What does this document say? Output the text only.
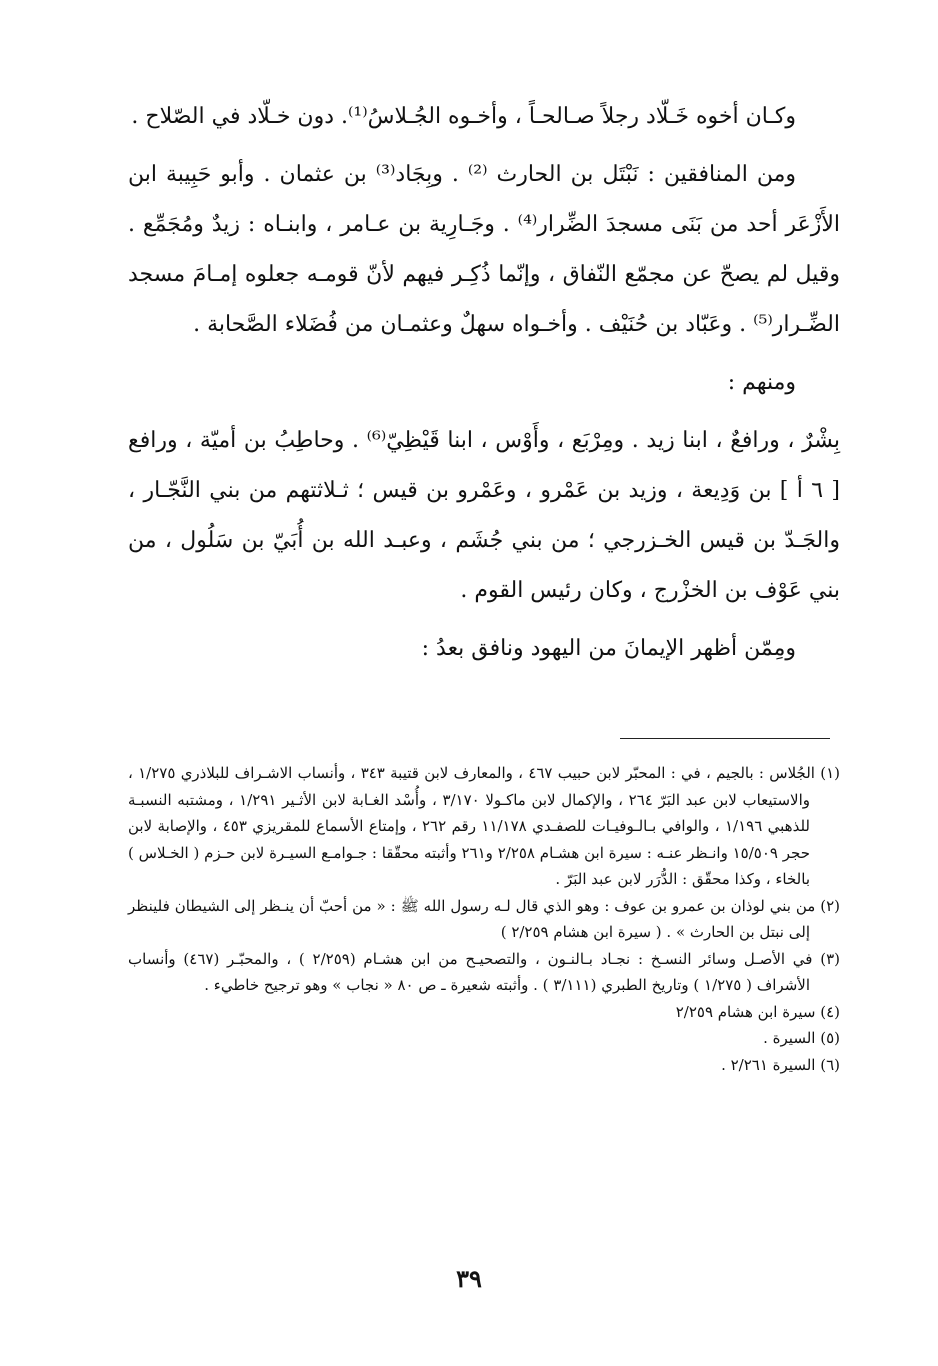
وكـان أخوه خَـلّاد رجلاً صـالحـاً ، وأخـوه الجُـلاسُ⁽¹⁾. دون خـلّاد في الصّلاح .

ومن المنافقين : نَبْتَل بن الحارث ⁽²⁾ . وبِجَاد⁽³⁾ بن عثمان . وأبو حَبِيبة ابن الأَزْعَر أحد من بَنَى مسجدَ الضِّرار⁽⁴⁾ . وجَـارِية بن عـامر ، وابنـاه : زيدٌ ومُجَمِّع . وقيل لم يصحّ عن مجمّع النّفاق ، وإنّما ذُكِـر فيهم لأنّ قومـه جعلوه إمـامَ مسجد الضِّـرار⁽⁵⁾ . وعَبّاد بن حُنَيْف . وأخـواه سهلٌ وعثمـان من فُضَلاء الصَّحابة .

ومنهم :

بِشْرٌ ، ورافعٌ ، ابنا زيد . ومِرْبَع ، وأَوْس ، ابنا قَيْظِيّ⁽⁶⁾ . وحاطِبُ بن أميّة ، ورافع [ ٦ أ ] بن وَدِيعة ، وزيد بن عَمْرو ، وعَمْرو بن قيس ؛ ثـلاثتهم من بني النَّجّـار ، والجَـدّ بن قيس الخـزرجي ؛ من بني جُشَم ، وعبـد الله بن أُبَيّ بن سَلُول ، من بني عَوْف بن الخزْرج ، وكان رئيس القوم .

ومِمّن أظهر الإيمانَ من اليهود ونافق بعدُ :

(١) الجُلاس : بالجيم ، في : المحبّر لابن حبيب ٤٦٧ ، والمعارف لابن قتيبة ٣٤٣ ، وأنساب الاشـراف للبلاذري ١/٢٧٥ ، والاستيعاب لابن عبد البَرّ ٢٦٤ ، والإكمال لابن ماكـولا ٣/١٧٠ ، وأُسْد الغـابة لابن الأثـير ١/٢٩١ ، ومشتبه النسبـة للذهبي ١/١٩٦ ، والوافي بـالـوفيـات للصفـدي ١١/١٧٨ رقم ٢٦٢ ، وإمتاع الأسماع للمقريزي ٤٥٣ ، والإصابة لابن حجر ١٥/٥٠٩ وانـظر عنـه : سيرة ابن هشـام ٢/٢٥٨ و٢٦١ وأثبته محقّقا : جـوامـع السيـرة لابن حـزم ( الخـلاس ) بالخاء ، وكذا محقّق : الدُّرَر لابن عبد البَرّ .
(٢) من بني لوذان بن عمرو بن عوف : وهو الذي قال لـه رسول الله ﷺ : « من أحبّ أن ينـظر إلى الشيطان فلينظر إلى نبتل بن الحارث » . ( سيرة ابن هشام ٢/٢٥٩ )
(٣) في الأصـل وسائر النسـخ : نجـاد بـالنـون ، والتصحيـح من ابن هشـام (٢/٢٥٩ ) ، والمحبّـر (٤٦٧) وأنساب الأشراف ( ١/٢٧٥ ) وتاريخ الطبري (٣/١١١ ) . وأثبته شعيرة ـ ص ٨٠ « نجاب » وهو ترجيح خاطيء .
(٤) سيرة ابن هشام ٢/٢٥٩
(٥) السيرة .
(٦) السيرة ٢/٢٦١ .
٣٩
